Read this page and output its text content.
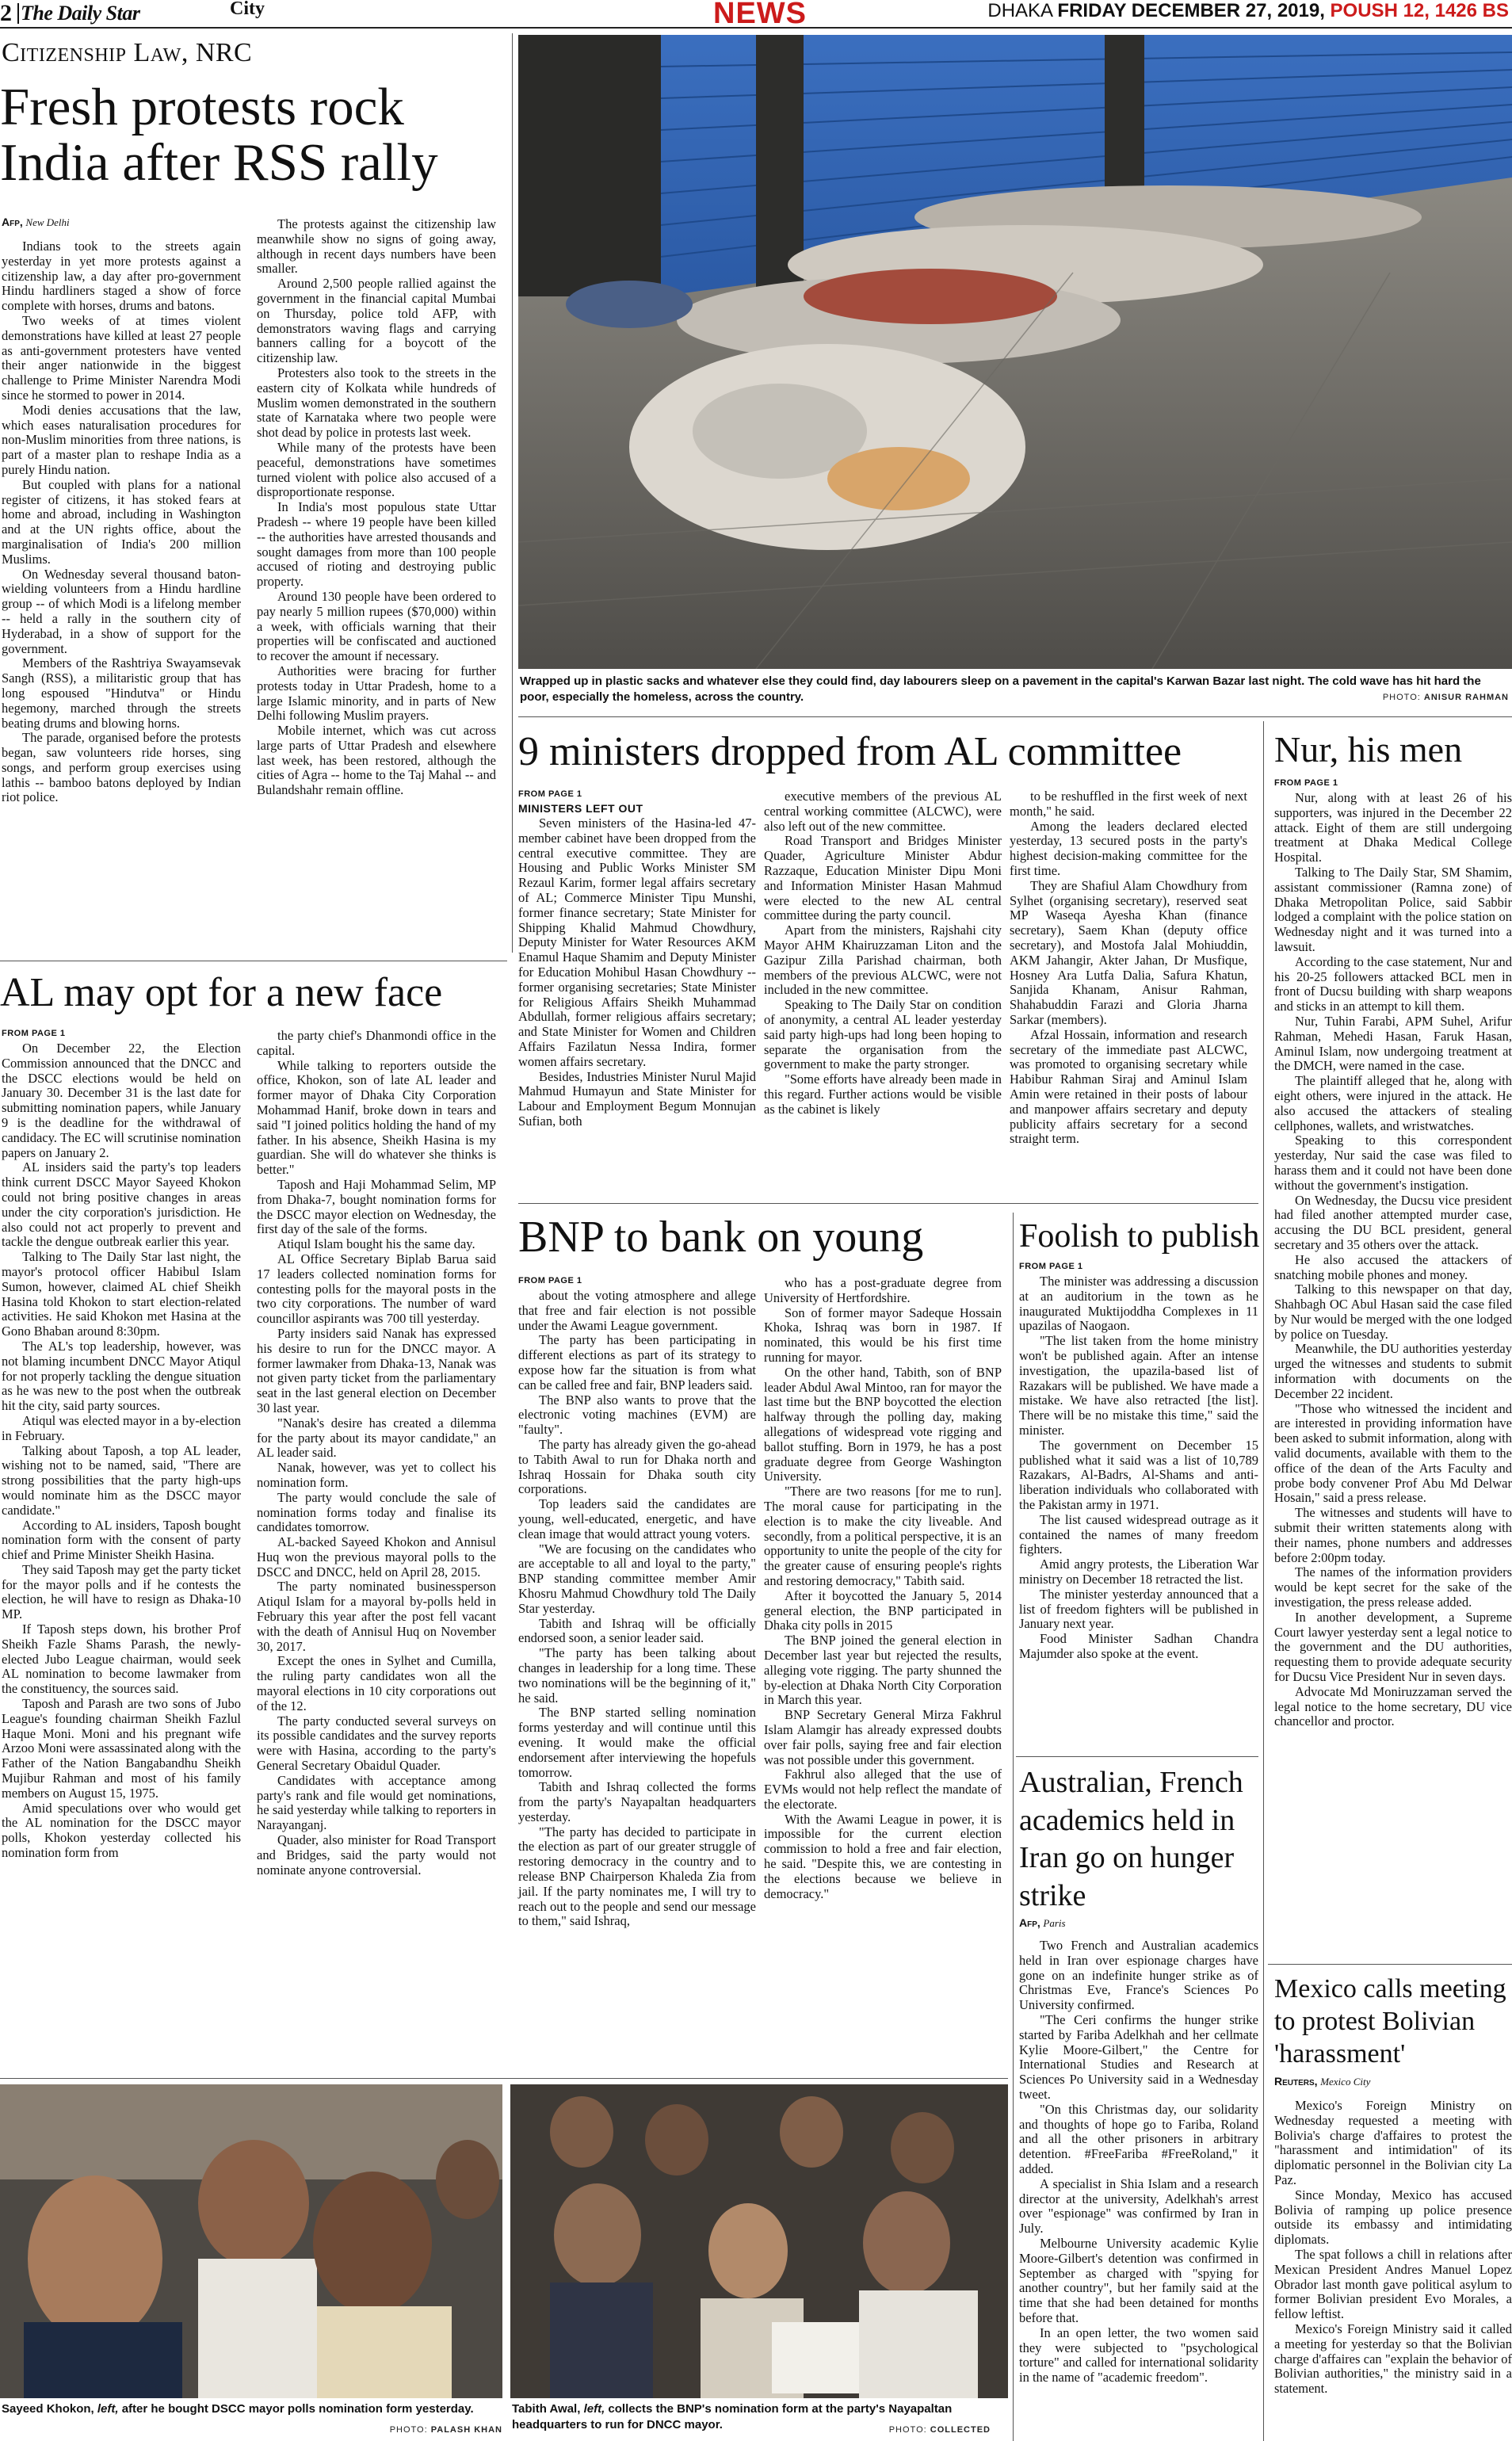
2 The Daily Star	City	NEWS	DHAKA FRIDAY DECEMBER 27, 2019, POUSH 12, 1426 BS
Citizenship Law, NRC
Fresh protests rock India after RSS rally
Afp, New Delhi

Indians took to the streets again yesterday in yet more protests against a citizenship law, a day after pro-government Hindu hardliners staged a show of force complete with horses, drums and batons.

Two weeks of at times violent demonstrations have killed at least 27 people as anti-government protesters have vented their anger nationwide in the biggest challenge to Prime Minister Narendra Modi since he stormed to power in 2014.

Modi denies accusations that the law, which eases naturalisation procedures for non-Muslim minorities from three nations, is part of a master plan to reshape India as a purely Hindu nation.

But coupled with plans for a national register of citizens, it has stoked fears at home and abroad, including in Washington and at the UN rights office, about the marginalisation of India's 200 million Muslims.

On Wednesday several thousand baton-wielding volunteers from a Hindu hardline group -- of which Modi is a lifelong member -- held a rally in the southern city of Hyderabad, in a show of support for the government.

Members of the Rashtriya Swayamsevak Sangh (RSS), a militaristic group that has long espoused "Hindutva" or Hindu hegemony, marched through the streets beating drums and blowing horns.

The parade, organised before the protests began, saw volunteers ride horses, sing songs, and perform group exercises using lathis -- bamboo batons deployed by Indian riot police.

The protests against the citizenship law meanwhile show no signs of going away, although in recent days numbers have been smaller.

Around 2,500 people rallied against the government in the financial capital Mumbai on Thursday, police told AFP, with demonstrators waving flags and carrying banners calling for a boycott of the citizenship law.

Protesters also took to the streets in the eastern city of Kolkata while hundreds of Muslim women demonstrated in the southern state of Karnataka where two people were shot dead by police in protests last week.

While many of the protests have been peaceful, demonstrations have sometimes turned violent with police also accused of a disproportionate response.

In India's most populous state Uttar Pradesh -- where 19 people have been killed -- the authorities have arrested thousands and sought damages from more than 100 people accused of rioting and destroying public property.

Around 130 people have been ordered to pay nearly 5 million rupees ($70,000) within a week, with officials warning that their properties will be confiscated and auctioned to recover the amount if necessary.

Authorities were bracing for further protests today in Uttar Pradesh, home to a large Islamic minority, and in parts of New Delhi following Muslim prayers.

Mobile internet, which was cut across large parts of Uttar Pradesh and elsewhere last week, has been restored, although the cities of Agra -- home to the Taj Mahal -- and Bulandshahr remain offline.

AL may opt for a new face
FROM PAGE 1

On December 22, the Election Commission announced that the DNCC and the DSCC elections would be held on January 30. December 31 is the last date for submitting nomination papers, while January 9 is the deadline for the withdrawal of candidacy. The EC will scrutinise nomination papers on January 2.

AL insiders said the party's top leaders think current DSCC Mayor Sayeed Khokon could not bring positive changes in areas under the city corporation's jurisdiction. He also could not act properly to prevent and tackle the dengue outbreak earlier this year.

Talking to The Daily Star last night, the mayor's protocol officer Habibul Islam Sumon, however, claimed AL chief Sheikh Hasina told Khokon to start election-related activities. He said Khokon met Hasina at the Gono Bhaban around 8:30pm.

The AL's top leadership, however, was not blaming incumbent DNCC Mayor Atiqul for not properly tackling the dengue situation as he was new to the post when the outbreak hit the city, said party sources.

Atiqul was elected mayor in a by-election in February.

Talking about Taposh, a top AL leader, wishing not to be named, said, "There are strong possibilities that the party high-ups would nominate him as the DSCC mayor candidate."

According to AL insiders, Taposh bought nomination form with the consent of party chief and Prime Minister Sheikh Hasina.

They said Taposh may get the party ticket for the mayor polls and if he contests the election, he will have to resign as Dhaka-10 MP.

If Taposh steps down, his brother Prof Sheikh Fazle Shams Parash, the newly-elected Jubo League chairman, would seek AL nomination to become lawmaker from the constituency, the sources said.

Taposh and Parash are two sons of Jubo League's founding chairman Sheikh Fazlul Haque Moni. Moni and his pregnant wife Arzoo Moni were assassinated along with the Father of the Nation Bangabandhu Sheikh Mujibur Rahman and most of his family members on August 15, 1975.

Amid speculations over who would get the AL nomination for the DSCC mayor polls, Khokon yesterday collected his nomination form from

the party chief's Dhanmondi office in the capital.

While talking to reporters outside the office, Khokon, son of late AL leader and former mayor of Dhaka City Corporation Mohammad Hanif, broke down in tears and said "I joined politics holding the hand of my father. In his absence, Sheikh Hasina is my guardian. She will do whatever she thinks is better."

Taposh and Haji Mohammad Selim, MP from Dhaka-7, bought nomination forms for the DSCC mayor election on Wednesday, the first day of the sale of the forms.

Atiqul Islam bought his the same day.

AL Office Secretary Biplab Barua said 17 leaders collected nomination forms for contesting polls for the mayoral posts in the two city corporations. The number of ward councillor aspirants was 700 till yesterday.

Party insiders said Nanak has expressed his desire to run for the DNCC mayor. A former lawmaker from Dhaka-13, Nanak was not given party ticket from the parliamentary seat in the last general election on December 30 last year.

"Nanak's desire has created a dilemma for the party about its mayor candidate," an AL leader said.

Nanak, however, was yet to collect his nomination form.

The party would conclude the sale of nomination forms today and finalise its candidates tomorrow.

AL-backed Sayeed Khokon and Annisul Huq won the previous mayoral polls to the DSCC and DNCC, held on April 28, 2015.

The party nominated businessperson Atiqul Islam for a mayoral by-polls held in February this year after the post fell vacant with the death of Annisul Huq on November 30, 2017.

Except the ones in Sylhet and Cumilla, the ruling party candidates won all the mayoral elections in 10 city corporations out of the 12.

The party conducted several surveys on its possible candidates and the survey reports were with Hasina, according to the party's General Secretary Obaidul Quader.

Candidates with acceptance among party's rank and file would get nominations, he said yesterday while talking to reporters in Narayanganj.

Quader, also minister for Road Transport and Bridges, said the party would not nominate anyone controversial.

Wrapped up in plastic sacks and whatever else they could find, day labourers sleep on a pavement in the capital's Karwan Bazar last night. The cold wave has hit hard the poor, especially the homeless, across the country.	PHOTO: ANISUR RAHMAN
9 ministers dropped from AL committee
FROM PAGE 1
MINISTERS LEFT OUT

Seven ministers of the Hasina-led 47-member cabinet have been dropped from the central executive committee. They are Housing and Public Works Minister SM Rezaul Karim, former legal affairs secretary of AL; Commerce Minister Tipu Munshi, former finance secretary; State Minister for Shipping Khalid Mahmud Chowdhury, Deputy Minister for Water Resources AKM Enamul Haque Shamim and Deputy Minister for Education Mohibul Hasan Chowdhury -- former organising secretaries; State Minister for Religious Affairs Sheikh Muhammad Abdullah, former religious affairs secretary; and State Minister for Women and Children Affairs Fazilatun Nessa Indira, former women affairs secretary.

Besides, Industries Minister Nurul Majid Mahmud Humayun and State Minister for Labour and Employment Begum Monnujan Sufian, both

executive members of the previous AL central working committee (ALCWC), were also left out of the new committee.

Road Transport and Bridges Minister Quader, Agriculture Minister Abdur Razzaque, Education Minister Dipu Moni and Information Minister Hasan Mahmud were elected to the new AL central committee during the party council.

Apart from the ministers, Rajshahi city Mayor AHM Khairuzzaman Liton and the Gazipur Zilla Parishad chairman, both members of the previous ALCWC, were not included in the new committee.

Speaking to The Daily Star on condition of anonymity, a central AL leader yesterday said party high-ups had long been hoping to separate the organisation from the government to make the party stronger.

"Some efforts have already been made in this regard. Further actions would be visible as the cabinet is likely

to be reshuffled in the first week of next month," he said.

Among the leaders declared elected yesterday, 13 secured posts in the party's highest decision-making committee for the first time.

They are Shafiul Alam Chowdhury from Sylhet (organising secretary), reserved seat MP Waseqa Ayesha Khan (finance secretary), Saem Khan (deputy office secretary), and Mostofa Jalal Mohiuddin, AKM Jahangir, Akter Jahan, Dr Musfique, Hosney Ara Lutfa Dalia, Safura Khatun, Sanjida Khanam, Anisur Rahman, Shahabuddin Farazi and Gloria Jharna Sarkar (members).

Afzal Hossain, information and research secretary of the immediate past ALCWC, was promoted to organising secretary while Habibur Rahman Siraj and Aminul Islam Amin were retained in their posts of labour and manpower affairs secretary and deputy publicity affairs secretary for a second straight term.

Nur, his men
FROM PAGE 1

Nur, along with at least 26 of his supporters, was injured in the December 22 attack. Eight of them are still undergoing treatment at Dhaka Medical College Hospital.

Talking to The Daily Star, SM Shamim, assistant commissioner (Ramna zone) of Dhaka Metropolitan Police, said Sabbir lodged a complaint with the police station on Wednesday night and it was turned into a lawsuit.

According to the case statement, Nur and his 20-25 followers attacked BCL men in front of Ducsu building with sharp weapons and sticks in an attempt to kill them.

Nur, Tuhin Farabi, APM Suhel, Arifur Rahman, Mehedi Hasan, Faruk Hasan, Aminul Islam, now undergoing treatment at the DMCH, were named in the case.

The plaintiff alleged that he, along with eight others, were injured in the attack. He also accused the attackers of stealing cellphones, wallets, and wristwatches.

Speaking to this correspondent yesterday, Nur said the case was filed to harass them and it could not have been done without the government's instigation.

On Wednesday, the Ducsu vice president had filed another attempted murder case, accusing the DU BCL president, general secretary and 35 others over the attack.

He also accused the attackers of snatching mobile phones and money.

Talking to this newspaper on that day, Shahbagh OC Abul Hasan said the case filed by Nur would be merged with the one lodged by police on Tuesday.

Meanwhile, the DU authorities yesterday urged the witnesses and students to submit information with documents on the December 22 incident.

"Those who witnessed the incident and are interested in providing information have been asked to submit information, along with valid documents, available with them to the office of the dean of the Arts Faculty and probe body convener Prof Abu Md Delwar Hosain," said a press release.

The witnesses and students will have to submit their written statements along with their names, phone numbers and addresses before 2:00pm today.

The names of the information providers would be kept secret for the sake of the investigation, the press release added.

In another development, a Supreme Court lawyer yesterday sent a legal notice to the government and the DU authorities, requesting them to provide adequate security for Ducsu Vice President Nur in seven days.

Advocate Md Moniruzzaman served the legal notice to the home secretary, DU vice chancellor and proctor.

BNP to bank on young
FROM PAGE 1

about the voting atmosphere and allege that free and fair election is not possible under the Awami League government.

The party has been participating in different elections as part of its strategy to expose how far the situation is from what can be called free and fair, BNP leaders said.

The BNP also wants to prove that the electronic voting machines (EVM) are "faulty".

The party has already given the go-ahead to Tabith Awal to run for Dhaka north and Ishraq Hossain for Dhaka south city corporations.

Top leaders said the candidates are young, well-educated, energetic, and have clean image that would attract young voters.

"We are focusing on the candidates who are acceptable to all and loyal to the party," BNP standing committee member Amir Khosru Mahmud Chowdhury told The Daily Star yesterday.

Tabith and Ishraq will be officially endorsed soon, a senior leader said.

"The party has been talking about changes in leadership for a long time. These two nominations will be the beginning of it," he said.

The BNP started selling nomination forms yesterday and will continue until this evening. It would make the official endorsement after interviewing the hopefuls tomorrow.

Tabith and Ishraq collected the forms from the party's Nayapaltan headquarters yesterday.

"The party has decided to participate in the election as part of our greater struggle of restoring democracy in the country and to release BNP Chairperson Khaleda Zia from jail. If the party nominates me, I will try to reach out to the people and send our message to them," said Ishraq,

who has a post-graduate degree from University of Hertfordshire.

Son of former mayor Sadeque Hossain Khoka, Ishraq was born in 1987. If nominated, this would be his first time running for mayor.

On the other hand, Tabith, son of BNP leader Abdul Awal Mintoo, ran for mayor the last time but the BNP boycotted the election halfway through the polling day, making allegations of widespread vote rigging and ballot stuffing. Born in 1979, he has a post graduate degree from George Washington University.

"There are two reasons [for me to run]. The moral cause for participating in the election is to make the city liveable. And secondly, from a political perspective, it is an opportunity to unite the people of the city for the greater cause of ensuring people's rights and restoring democracy," Tabith said.

After it boycotted the January 5, 2014 general election, the BNP participated in Dhaka city polls in 2015

The BNP joined the general election in December last year but rejected the results, alleging vote rigging. The party shunned the by-election at Dhaka North City Corporation in March this year.

BNP Secretary General Mirza Fakhrul Islam Alamgir has already expressed doubts over fair polls, saying free and fair election was not possible under this government.

Fakhrul also alleged that the use of EVMs would not help reflect the mandate of the electorate.

With the Awami League in power, it is impossible for the current election commission to hold a free and fair election, he said. "Despite this, we are contesting in the elections because we believe in democracy."

Foolish to publish
FROM PAGE 1

The minister was addressing a discussion at an auditorium in the town as he inaugurated Muktijoddha Complexes in 11 upazilas of Naogaon.

"The list taken from the home ministry won't be published again. After an intense investigation, the upazila-based list of Razakars will be published. We have made a mistake. We have also retracted [the list]. There will be no mistake this time," said the minister.

The government on December 15 published what it said was a list of 10,789 Razakars, Al-Badrs, Al-Shams and anti-liberation individuals who collaborated with the Pakistan army in 1971.

The list caused widespread outrage as it contained the names of many freedom fighters.

Amid angry protests, the Liberation War ministry on December 18 retracted the list.

The minister yesterday announced that a list of freedom fighters will be published in January next year.

Food Minister Sadhan Chandra Majumder also spoke at the event.

Australian, French academics held in Iran go on hunger strike
Afp, Paris

Two French and Australian academics held in Iran over espionage charges have gone on an indefinite hunger strike as of Christmas Eve, France's Sciences Po University confirmed.

"The Ceri confirms the hunger strike started by Fariba Adelkhah and her cellmate Kylie Moore-Gilbert," the Centre for International Studies and Research at Sciences Po University said in a Wednesday tweet.

"On this Christmas day, our solidarity and thoughts of hope go to Fariba, Roland and all the other prisoners in arbitrary detention. #FreeFariba #FreeRoland," it added.

A specialist in Shia Islam and a research director at the university, Adelkhah's arrest over "espionage" was confirmed by Iran in July.

Melbourne University academic Kylie Moore-Gilbert's detention was confirmed in September as charged with "spying for another country", but her family said at the time that she had been detained for months before that.

In an open letter, the two women said they were subjected to "psychological torture" and called for international solidarity in the name of "academic freedom".

Mexico calls meeting to protest Bolivian 'harassment'
Reuters, Mexico City

Mexico's Foreign Ministry on Wednesday requested a meeting with Bolivia's charge d'affaires to protest the "harassment and intimidation" of its diplomatic personnel in the Bolivian city La Paz.

Since Monday, Mexico has accused Bolivia of ramping up police presence outside its embassy and intimidating diplomats.

The spat follows a chill in relations after Mexican President Andres Manuel Lopez Obrador last month gave political asylum to former Bolivian president Evo Morales, a fellow leftist.

Mexico's Foreign Ministry said it called a meeting for yesterday so that the Bolivian charge d'affaires can "explain the behavior of Bolivian authorities," the ministry said in a statement.

Sayeed Khokon, left, after he bought DSCC mayor polls nomination form yesterday.
PHOTO: PALASH KHAN
Tabith Awal, left, collects the BNP's nomination form at the party's Nayapaltan headquarters to run for DNCC mayor.	PHOTO: COLLECTED
